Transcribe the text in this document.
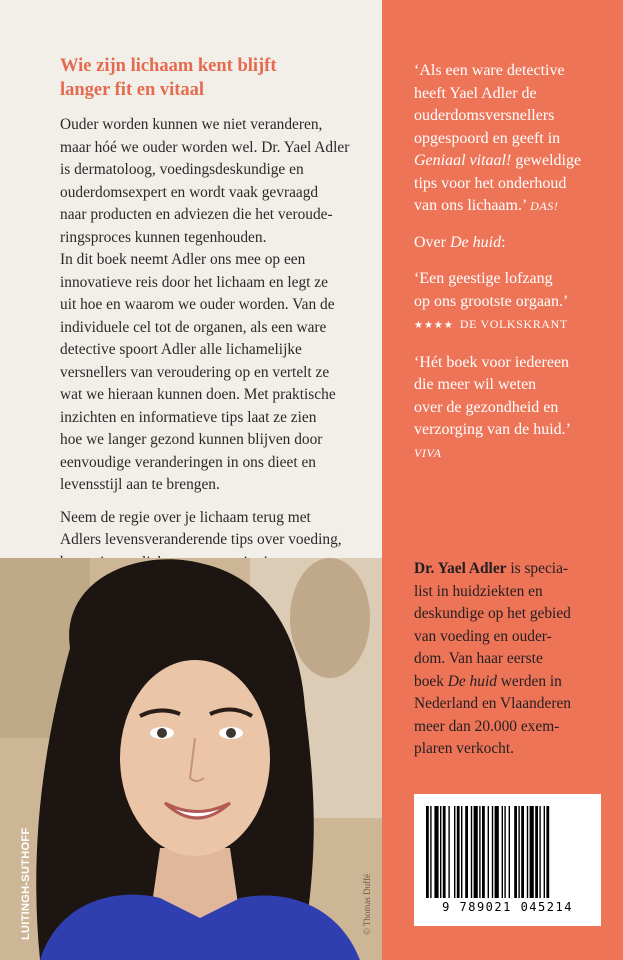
Wie zijn lichaam kent blijft
langer fit en vitaal

Ouder worden kunnen we niet veranderen,
maar hóé we ouder worden wel. Dr. Yael Adler
is dermatoloog, voedingsdeskundige en
ouderdomsexpert en wordt vaak gevraagd
naar producten en adviezen die het veroude-
ringsproces kunnen tegenhouden.
In dit boek neemt Adler ons mee op een
innovatieve reis door het lichaam en legt ze
uit hoe en waarom we ouder worden. Van de
individuele cel tot de organen, als een ware
detective spoort Adler alle lichamelijke
versnellers van veroudering op en vertelt ze
wat we hieraan kunnen doen. Met praktische
inzichten en informatieve tips laat ze zien
hoe we langer gezond kunnen blijven door
eenvoudige veranderingen in ons dieet en
levensstijl aan te brengen.

Neem de regie over je lichaam terug met
Adlers levensveranderende tips over voeding,

‘Als een ware detective

heeft Yael Adler de

ouderdomsversnellers

opgespoord en geeft in

Geniaal vitaal! geweldige

tips voor het onderhoud

van ons lichaam.’ DAS!

Over De huid:

‘Een geestige lofzang

op ons grootste orgaan.’

★★★★ DE VOLKSKRANT

‘Hét boek voor iedereen

die meer wil weten

over de gezondheid en

verzorging van de huid.’

VIVA

Dr. Yael Adler is specia-
list in huidziekten en
deskundige op het gebied
van voeding en ouder-
dom. Van haar eerste
boek De huid werden in
Nederland en Vlaanderen
meer dan 20.000 exem-
plaren verkocht.
9 789021 045214
LUITINGH-SUTHOFF	© Thomas Duffé
